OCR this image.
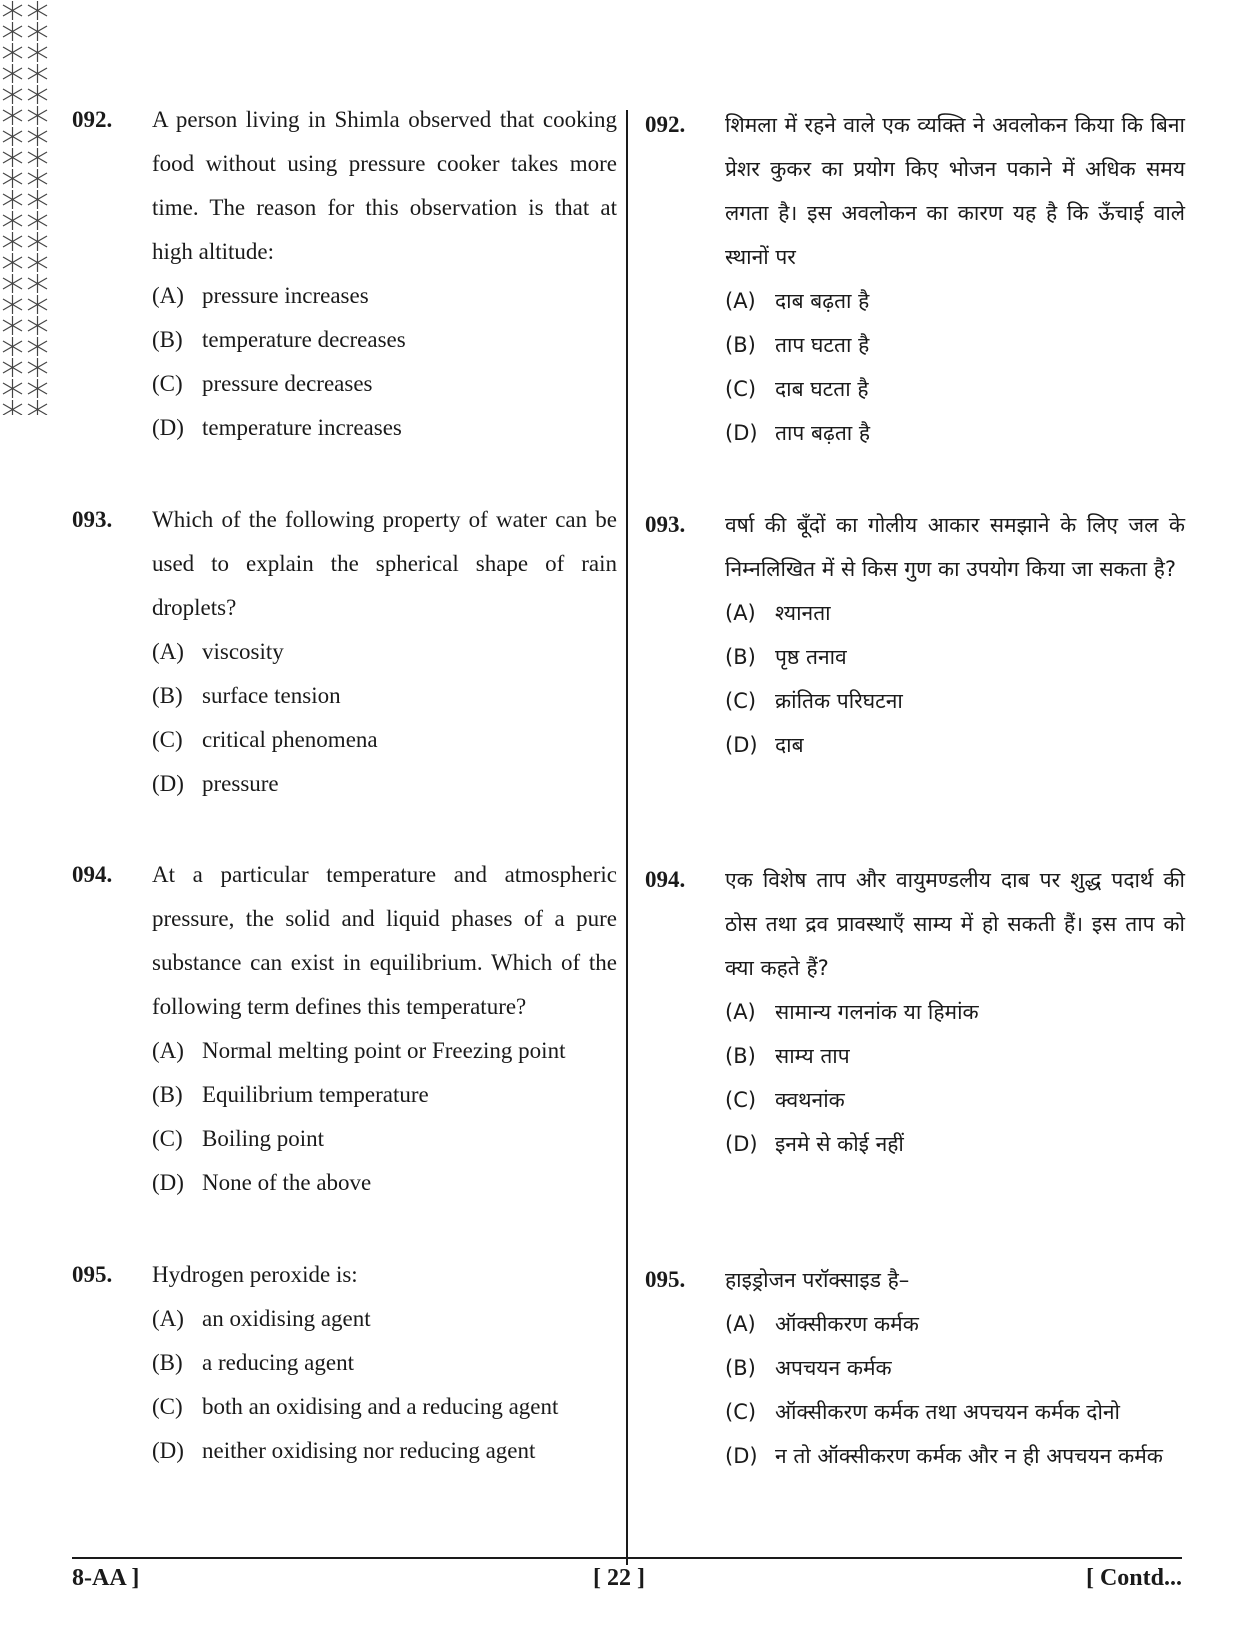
092. A person living in Shimla observed that cooking food without using pressure cooker takes more time. The reason for this observation is that at high altitude:
(A) pressure increases
(B) temperature decreases
(C) pressure decreases
(D) temperature increases
093. Which of the following property of water can be used to explain the spherical shape of rain droplets?
(A) viscosity
(B) surface tension
(C) critical phenomena
(D) pressure
094. At a particular temperature and atmospheric pressure, the solid and liquid phases of a pure substance can exist in equilibrium. Which of the following term defines this temperature?
(A) Normal melting point or Freezing point
(B) Equilibrium temperature
(C) Boiling point
(D) None of the above
095. Hydrogen peroxide is:
(A) an oxidising agent
(B) a reducing agent
(C) both an oxidising and a reducing agent
(D) neither oxidising nor reducing agent
092. शिमला में रहने वाले एक व्यक्ति ने अवलोकन किया कि बिना प्रेशर कुकर का प्रयोग किए भोजन पकाने में अधिक समय लगता है। इस अवलोकन का कारण यह है कि ऊँचाई वाले स्थानों पर
(A) दाब बढ़ता है
(B) ताप घटता है
(C) दाब घटता है
(D) ताप बढ़ता है
093. वर्षा की बूँदों का गोलीय आकार समझाने के लिए जल के निम्नलिखित में से किस गुण का उपयोग किया जा सकता है?
(A) श्यानता
(B) पृष्ठ तनाव
(C) क्रांतिक परिघटना
(D) दाब
094. एक विशेष ताप और वायुमण्डलीय दाब पर शुद्ध पदार्थ की ठोस तथा द्रव प्रावस्थाएँ साम्य में हो सकती हैं। इस ताप को क्या कहते हैं?
(A) सामान्य गलनांक या हिमांक
(B) साम्य ताप
(C) क्वथनांक
(D) इनमे से कोई नहीं
095. हाइड्रोजन परॉक्साइड है–
(A) ऑक्सीकरण कर्मक
(B) अपचयन कर्मक
(C) ऑक्सीकरण कर्मक तथा अपचयन कर्मक दोनो
(D) न तो ऑक्सीकरण कर्मक और न ही अपचयन कर्मक
8-AA ]	[ 22 ]	[ Contd...
